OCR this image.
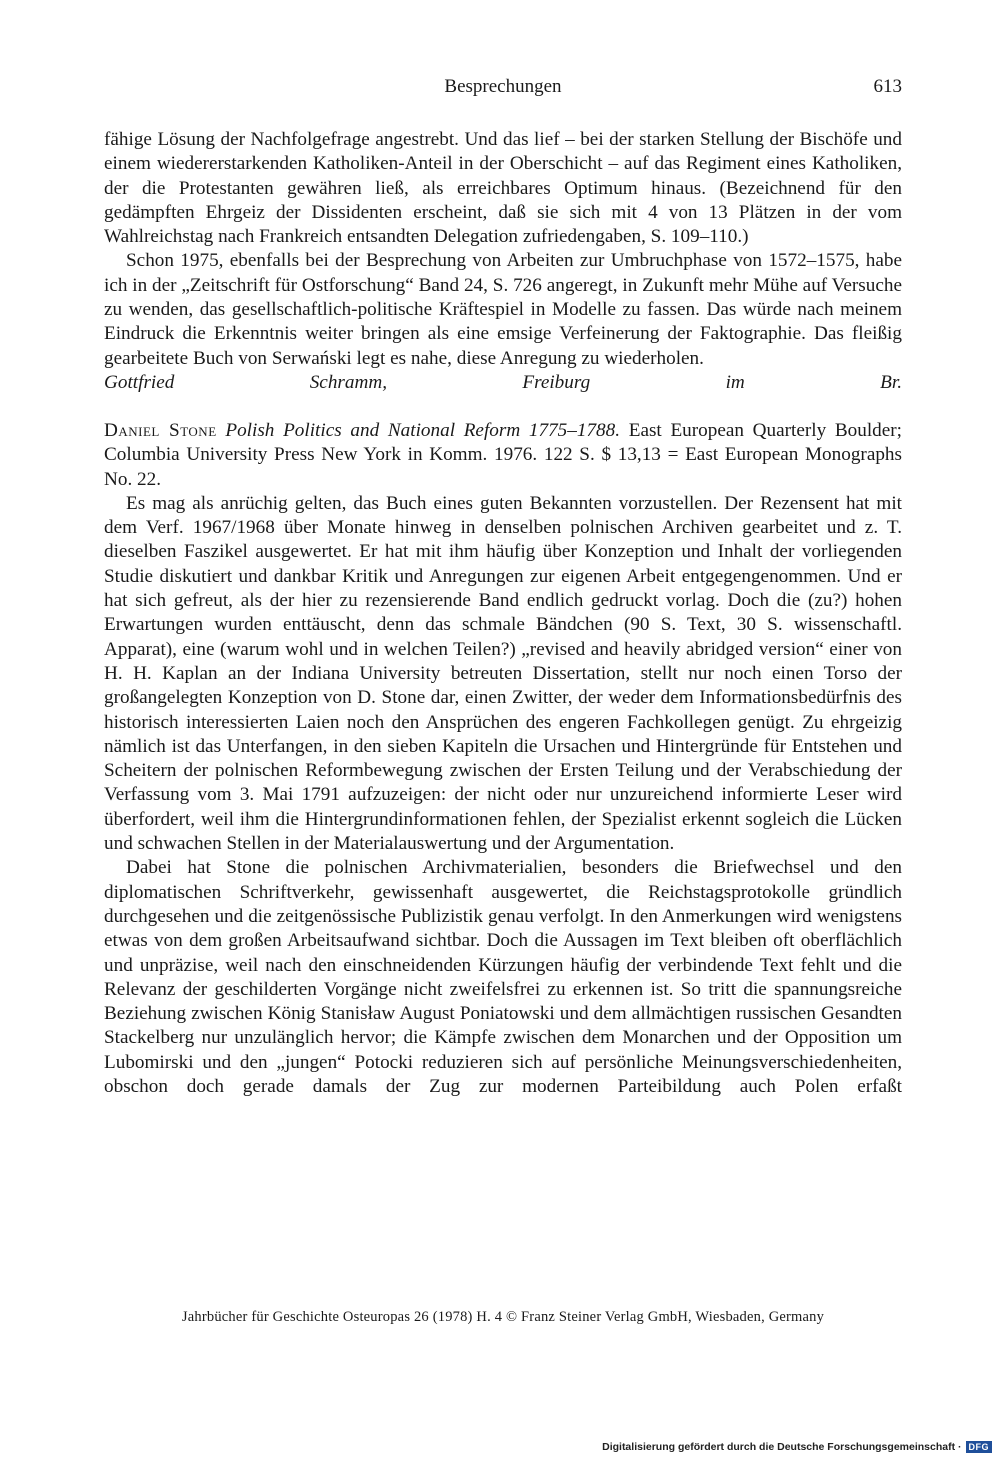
Besprechungen	613

fähige Lösung der Nachfolgefrage angestrebt. Und das lief – bei der starken Stellung der Bischöfe und einem wiedererstarkenden Katholiken-Anteil in der Oberschicht – auf das Regiment eines Katholiken, der die Protestanten gewähren ließ, als erreichbares Optimum hinaus. (Bezeichnend für den gedämpften Ehrgeiz der Dissidenten erscheint, daß sie sich mit 4 von 13 Plätzen in der vom Wahlreichstag nach Frankreich entsandten Delegation zufriedengaben, S. 109–110.)

Schon 1975, ebenfalls bei der Besprechung von Arbeiten zur Umbruchphase von 1572–1575, habe ich in der „Zeitschrift für Ostforschung“ Band 24, S. 726 angeregt, in Zukunft mehr Mühe auf Versuche zu wenden, das gesellschaftlich-politische Kräftespiel in Modelle zu fassen. Das würde nach meinem Eindruck die Erkenntnis weiter bringen als eine emsige Verfeinerung der Faktographie. Das fleißig gearbeitete Buch von Serwański legt es nahe, diese Anregung zu wiederholen.

Gottfried Schramm, Freiburg im Br.

Daniel Stone Polish Politics and National Reform 1775–1788. East European Quarterly Boulder; Columbia University Press New York in Komm. 1976. 122 S. $ 13,13 = East European Monographs No. 22.

Es mag als anrüchig gelten, das Buch eines guten Bekannten vorzustellen. Der Rezensent hat mit dem Verf. 1967/1968 über Monate hinweg in denselben polnischen Archiven gearbeitet und z. T. dieselben Faszikel ausgewertet. Er hat mit ihm häufig über Konzeption und Inhalt der vorliegenden Studie diskutiert und dankbar Kritik und Anregungen zur eigenen Arbeit entgegengenommen. Und er hat sich gefreut, als der hier zu rezensierende Band endlich gedruckt vorlag. Doch die (zu?) hohen Erwartungen wurden enttäuscht, denn das schmale Bändchen (90 S. Text, 30 S. wissenschaftl. Apparat), eine (warum wohl und in welchen Teilen?) „revised and heavily abridged version“ einer von H. H. Kaplan an der Indiana University betreuten Dissertation, stellt nur noch einen Torso der großangelegten Konzeption von D. Stone dar, einen Zwitter, der weder dem Informationsbedürfnis des historisch interessierten Laien noch den Ansprüchen des engeren Fachkollegen genügt. Zu ehrgeizig nämlich ist das Unterfangen, in den sieben Kapiteln die Ursachen und Hintergründe für Entstehen und Scheitern der polnischen Reformbewegung zwischen der Ersten Teilung und der Verabschiedung der Verfassung vom 3. Mai 1791 aufzuzeigen: der nicht oder nur unzureichend informierte Leser wird überfordert, weil ihm die Hintergrundinformationen fehlen, der Spezialist erkennt sogleich die Lücken und schwachen Stellen in der Materialauswertung und der Argumentation.

Dabei hat Stone die polnischen Archivmaterialien, besonders die Briefwechsel und den diplomatischen Schriftverkehr, gewissenhaft ausgewertet, die Reichstagsprotokolle gründlich durchgesehen und die zeitgenössische Publizistik genau verfolgt. In den Anmerkungen wird wenigstens etwas von dem großen Arbeitsaufwand sichtbar. Doch die Aussagen im Text bleiben oft oberflächlich und unpräzise, weil nach den einschneidenden Kürzungen häufig der verbindende Text fehlt und die Relevanz der geschilderten Vorgänge nicht zweifelsfrei zu erkennen ist. So tritt die spannungsreiche Beziehung zwischen König Stanisław August Poniatowski und dem allmächtigen russischen Gesandten Stackelberg nur unzulänglich hervor; die Kämpfe zwischen dem Monarchen und der Opposition um Lubomirski und den „jungen“ Potocki reduzieren sich auf persönliche Meinungsverschiedenheiten, obschon doch gerade damals der Zug zur modernen Parteibildung auch Polen erfaßt

Jahrbücher für Geschichte Osteuropas 26 (1978) H. 4 © Franz Steiner Verlag GmbH, Wiesbaden, Germany
Digitalisierung gefördert durch die Deutsche Forschungsgemeinschaft · DFG
